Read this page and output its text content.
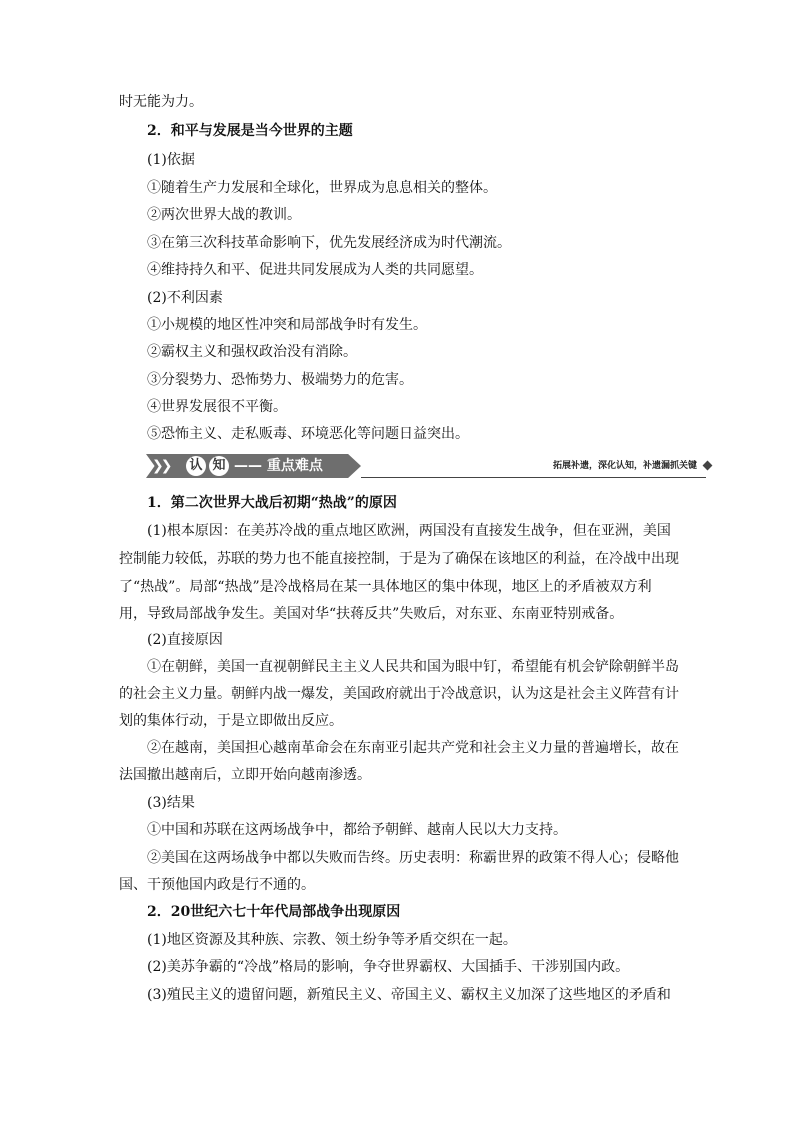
时无能为力。
2．和平与发展是当今世界的主题
(1)依据
①随着生产力发展和全球化，世界成为息息相关的整体。
②两次世界大战的教训。
③在第三次科技革命影响下，优先发展经济成为时代潮流。
④维持持久和平、促进共同发展成为人类的共同愿望。
(2)不利因素
①小规模的地区性冲突和局部战争时有发生。
②霸权主义和强权政治没有消除。
③分裂势力、恐怖势力、极端势力的危害。
④世界发展很不平衡。
⑤恐怖主义、走私贩毒、环境恶化等问题日益突出。
❯❯	认 知 —— 重点难点	拓展补遗，深化认知，补遗漏抓关键
1．第二次世界大战后初期“热战”的原因
(1)根本原因：在美苏冷战的重点地区欧洲，两国没有直接发生战争，但在亚洲，美国
控制能力较低，苏联的势力也不能直接控制，于是为了确保在该地区的利益，在冷战中出现
了“热战”。局部“热战”是冷战格局在某一具体地区的集中体现，地区上的矛盾被双方利
用，导致局部战争发生。美国对华“扶蒋反共”失败后，对东亚、东南亚特别戒备。
(2)直接原因
①在朝鲜，美国一直视朝鲜民主主义人民共和国为眼中钉，希望能有机会铲除朝鲜半岛
的社会主义力量。朝鲜内战一爆发，美国政府就出于冷战意识，认为这是社会主义阵营有计
划的集体行动，于是立即做出反应。
②在越南，美国担心越南革命会在东南亚引起共产党和社会主义力量的普遍增长，故在
法国撤出越南后，立即开始向越南渗透。
(3)结果
①中国和苏联在这两场战争中，都给予朝鲜、越南人民以大力支持。
②美国在这两场战争中都以失败而告终。历史表明：称霸世界的政策不得人心；侵略他
国、干预他国内政是行不通的。
2．20世纪六七十年代局部战争出现原因
(1)地区资源及其种族、宗教、领土纷争等矛盾交织在一起。
(2)美苏争霸的“冷战”格局的影响，争夺世界霸权、大国插手、干涉别国内政。
(3)殖民主义的遗留问题，新殖民主义、帝国主义、霸权主义加深了这些地区的矛盾和
